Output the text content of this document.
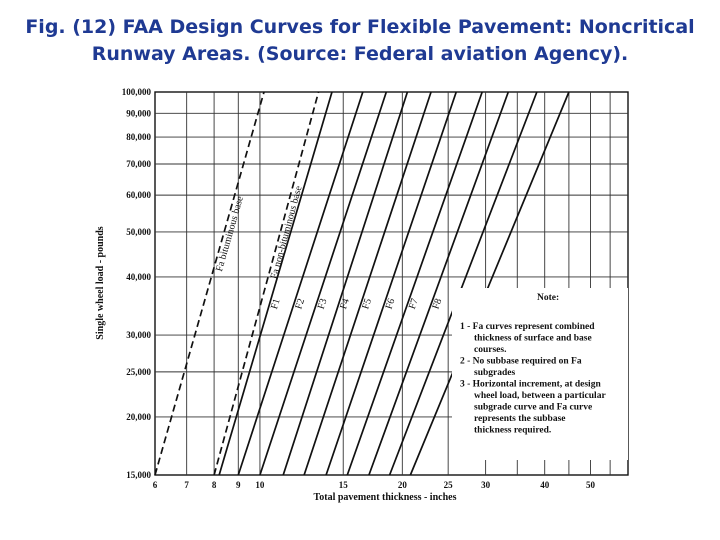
Fig. (12) FAA Design Curves for Flexible Pavement: Noncritical
Runway Areas. (Source: Federal aviation Agency).
Fa bituminous base Fa non-bituminous base
F1 F2 F3 F4 F5 F6 F7 F8
15,000
20,000
25,000
30,000
40,000
50,000
60,000
70,000
80,000
90,000
100,000
6	7	8 9 10	15	20	25	30	40	50
Single wheel load - pounds
Total pavement thickness - inches
Note:
1 - Fa curves represent combined
thickness of surface and base
courses.
2 - No subbase required on Fa
subgrades
3 - Horizontal increment, at design
wheel load, between a particular
subgrade curve and Fa curve
represents the subbase
thickness required.
